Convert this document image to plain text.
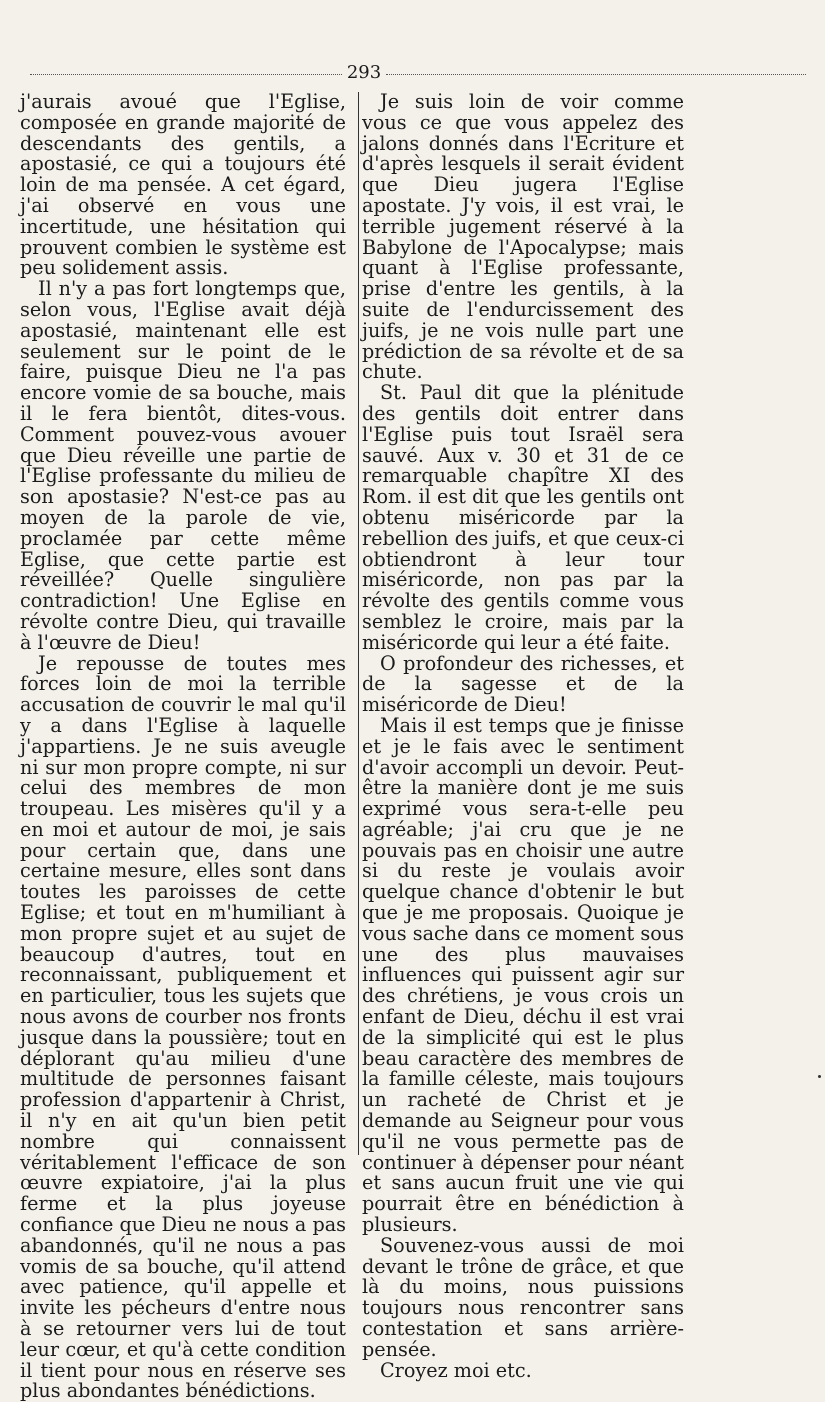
293

j'aurais avoué que l'Eglise, composée en grande majorité de descendants des gentils, a apostasié, ce qui a toujours été loin de ma pensée. A cet égard, j'ai observé en vous une incertitude, une hésitation qui prouvent combien le système est peu solidement assis.

Il n'y a pas fort longtemps que, selon vous, l'Eglise avait déjà apostasié, maintenant elle est seulement sur le point de le faire, puisque Dieu ne l'a pas encore vomie de sa bouche, mais il le fera bientôt, dites-vous. Comment pouvez-vous avouer que Dieu réveille une partie de l'Eglise professante du milieu de son apostasie? N'est-ce pas au moyen de la parole de vie, proclamée par cette même Eglise, que cette partie est réveillée? Quelle singulière contradiction! Une Eglise en révolte contre Dieu, qui travaille à l'œuvre de Dieu!

Je repousse de toutes mes forces loin de moi la terrible accusation de couvrir le mal qu'il y a dans l'Eglise à laquelle j'appartiens. Je ne suis aveugle ni sur mon propre compte, ni sur celui des membres de mon troupeau. Les misères qu'il y a en moi et autour de moi, je sais pour certain que, dans une certaine mesure, elles sont dans toutes les paroisses de cette Eglise; et tout en m'humiliant à mon propre sujet et au sujet de beaucoup d'autres, tout en reconnaissant, publiquement et en particulier, tous les sujets que nous avons de courber nos fronts jusque dans la poussière; tout en déplorant qu'au milieu d'une multitude de personnes faisant profession d'appartenir à Christ, il n'y en ait qu'un bien petit nombre qui connaissent véritablement l'efficace de son œuvre expiatoire, j'ai la plus ferme et la plus joyeuse confiance que Dieu ne nous a pas abandonnés, qu'il ne nous a pas vomis de sa bouche, qu'il attend avec patience, qu'il appelle et invite les pécheurs d'entre nous à se retourner vers lui de tout leur cœur, et qu'à cette condition il tient pour nous en réserve ses plus abondantes bénédictions.

Je suis loin de voir comme vous ce que vous appelez des jalons donnés dans l'Ecriture et d'après lesquels il serait évident que Dieu jugera l'Eglise apostate. J'y vois, il est vrai, le terrible jugement réservé à la Babylone de l'Apocalypse; mais quant à l'Eglise professante, prise d'entre les gentils, à la suite de l'endurcissement des juifs, je ne vois nulle part une prédiction de sa révolte et de sa chute.

St. Paul dit que la plénitude des gentils doit entrer dans l'Eglise puis tout Israël sera sauvé. Aux v. 30 et 31 de ce remarquable chapître XI des Rom. il est dit que les gentils ont obtenu miséricorde par la rebellion des juifs, et que ceux-ci obtiendront à leur tour miséricorde, non pas par la révolte des gentils comme vous semblez le croire, mais par la miséricorde qui leur a été faite.

O profondeur des richesses, et de la sagesse et de la miséricorde de Dieu!

Mais il est temps que je finisse et je le fais avec le sentiment d'avoir accompli un devoir. Peut-être la manière dont je me suis exprimé vous sera-t-elle peu agréable; j'ai cru que je ne pouvais pas en choisir une autre si du reste je voulais avoir quelque chance d'obtenir le but que je me proposais. Quoique je vous sache dans ce moment sous une des plus mauvaises influences qui puissent agir sur des chrétiens, je vous crois un enfant de Dieu, déchu il est vrai de la simplicité qui est le plus beau caractère des membres de la famille céleste, mais toujours un racheté de Christ et je demande au Seigneur pour vous qu'il ne vous permette pas de continuer à dépenser pour néant et sans aucun fruit une vie qui pourrait être en bénédiction à plusieurs.

Souvenez-vous aussi de moi devant le trône de grâce, et que là du moins, nous puissions toujours nous rencontrer sans contestation et sans arrière-pensée.

Croyez moi etc.
